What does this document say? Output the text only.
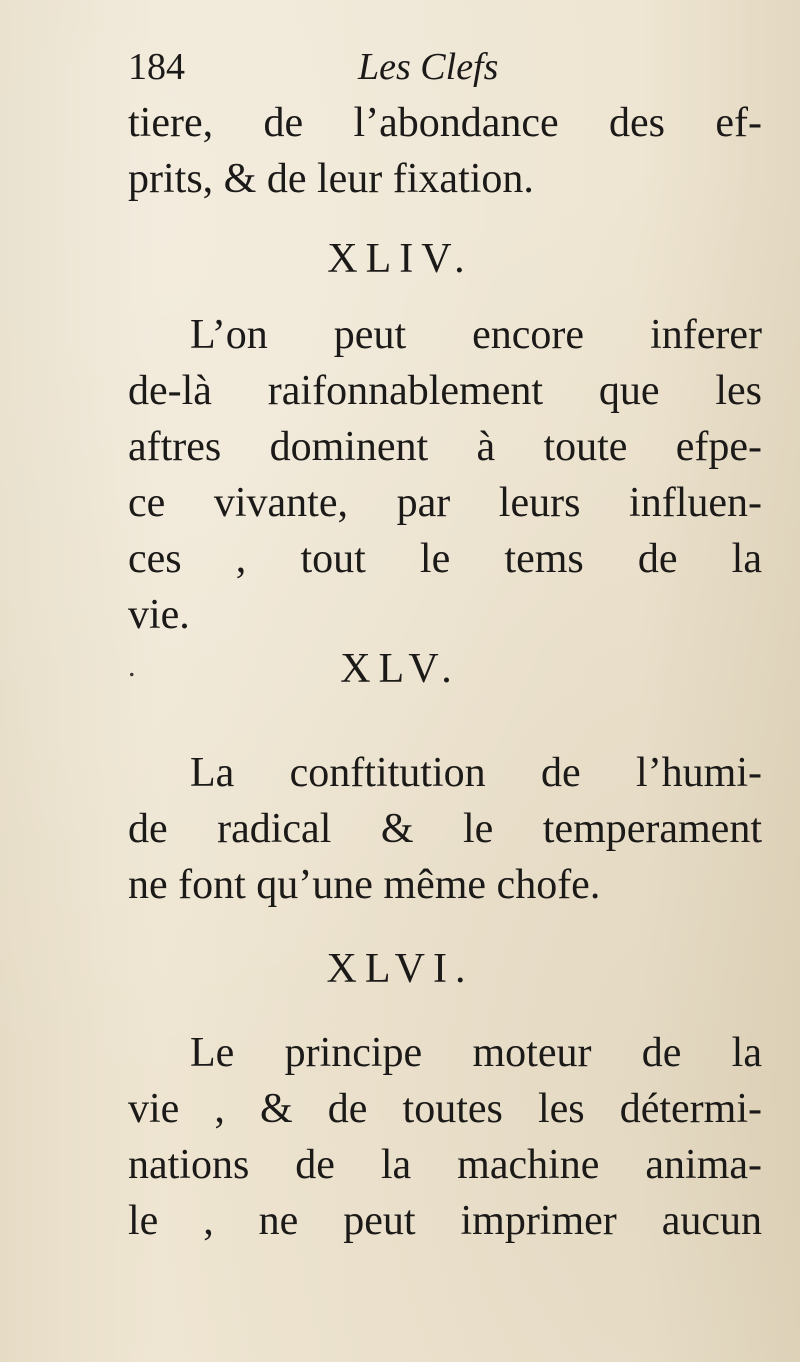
184	Les Clefs
tiere, de l’abondance des ef-
prits, & de leur fixation.
XLIV.
L’on peut encore inferer
de-là raifonnablement que les
aftres dominent à toute efpe-
ce vivante, par leurs influen-
ces , tout le tems de la
vie.
.	XLV.
La conftitution de l’humi-
de radical & le temperament
ne font qu’une même chofe.
XLVI.
Le principe moteur de la
vie , & de toutes les détermi-
nations de la machine anima-
le , ne peut imprimer aucun
